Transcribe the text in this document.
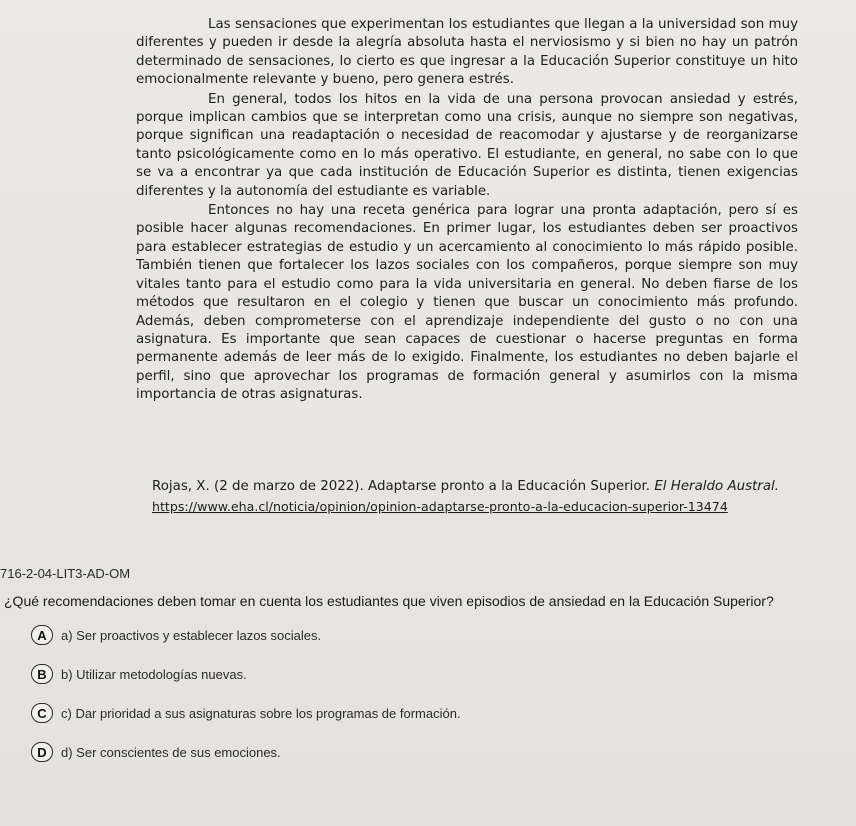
Las sensaciones que experimentan los estudiantes que llegan a la universidad son muy diferentes y pueden ir desde la alegría absoluta hasta el nerviosismo y si bien no hay un patrón determinado de sensaciones, lo cierto es que ingresar a la Educación Superior constituye un hito emocionalmente relevante y bueno, pero genera estrés.

En general, todos los hitos en la vida de una persona provocan ansiedad y estrés, porque implican cambios que se interpretan como una crisis, aunque no siempre son negativas, porque significan una readaptación o necesidad de reacomodar y ajustarse y de reorganizarse tanto psicológicamente como en lo más operativo. El estudiante, en general, no sabe con lo que se va a encontrar ya que cada institución de Educación Superior es distinta, tienen exigencias diferentes y la autonomía del estudiante es variable.

Entonces no hay una receta genérica para lograr una pronta adaptación, pero sí es posible hacer algunas recomendaciones. En primer lugar, los estudiantes deben ser proactivos para establecer estrategias de estudio y un acercamiento al conocimiento lo más rápido posible. También tienen que fortalecer los lazos sociales con los compañeros, porque siempre son muy vitales tanto para el estudio como para la vida universitaria en general. No deben fiarse de los métodos que resultaron en el colegio y tienen que buscar un conocimiento más profundo. Además, deben comprometerse con el aprendizaje independiente del gusto o no con una asignatura. Es importante que sean capaces de cuestionar o hacerse preguntas en forma permanente además de leer más de lo exigido. Finalmente, los estudiantes no deben bajarle el perfil, sino que aprovechar los programas de formación general y asumirlos con la misma importancia de otras asignaturas.

Rojas, X. (2 de marzo de 2022). Adaptarse pronto a la Educación Superior. El Heraldo Austral.
https://www.eha.cl/noticia/opinion/opinion-adaptarse-pronto-a-la-educacion-superior-13474
716-2-04-LIT3-AD-OM
¿Qué recomendaciones deben tomar en cuenta los estudiantes que viven episodios de ansiedad en la Educación Superior?
A	a) Ser proactivos y establecer lazos sociales.
B	b) Utilizar metodologías nuevas.
C	c) Dar prioridad a sus asignaturas sobre los programas de formación.
D	d) Ser conscientes de sus emociones.
